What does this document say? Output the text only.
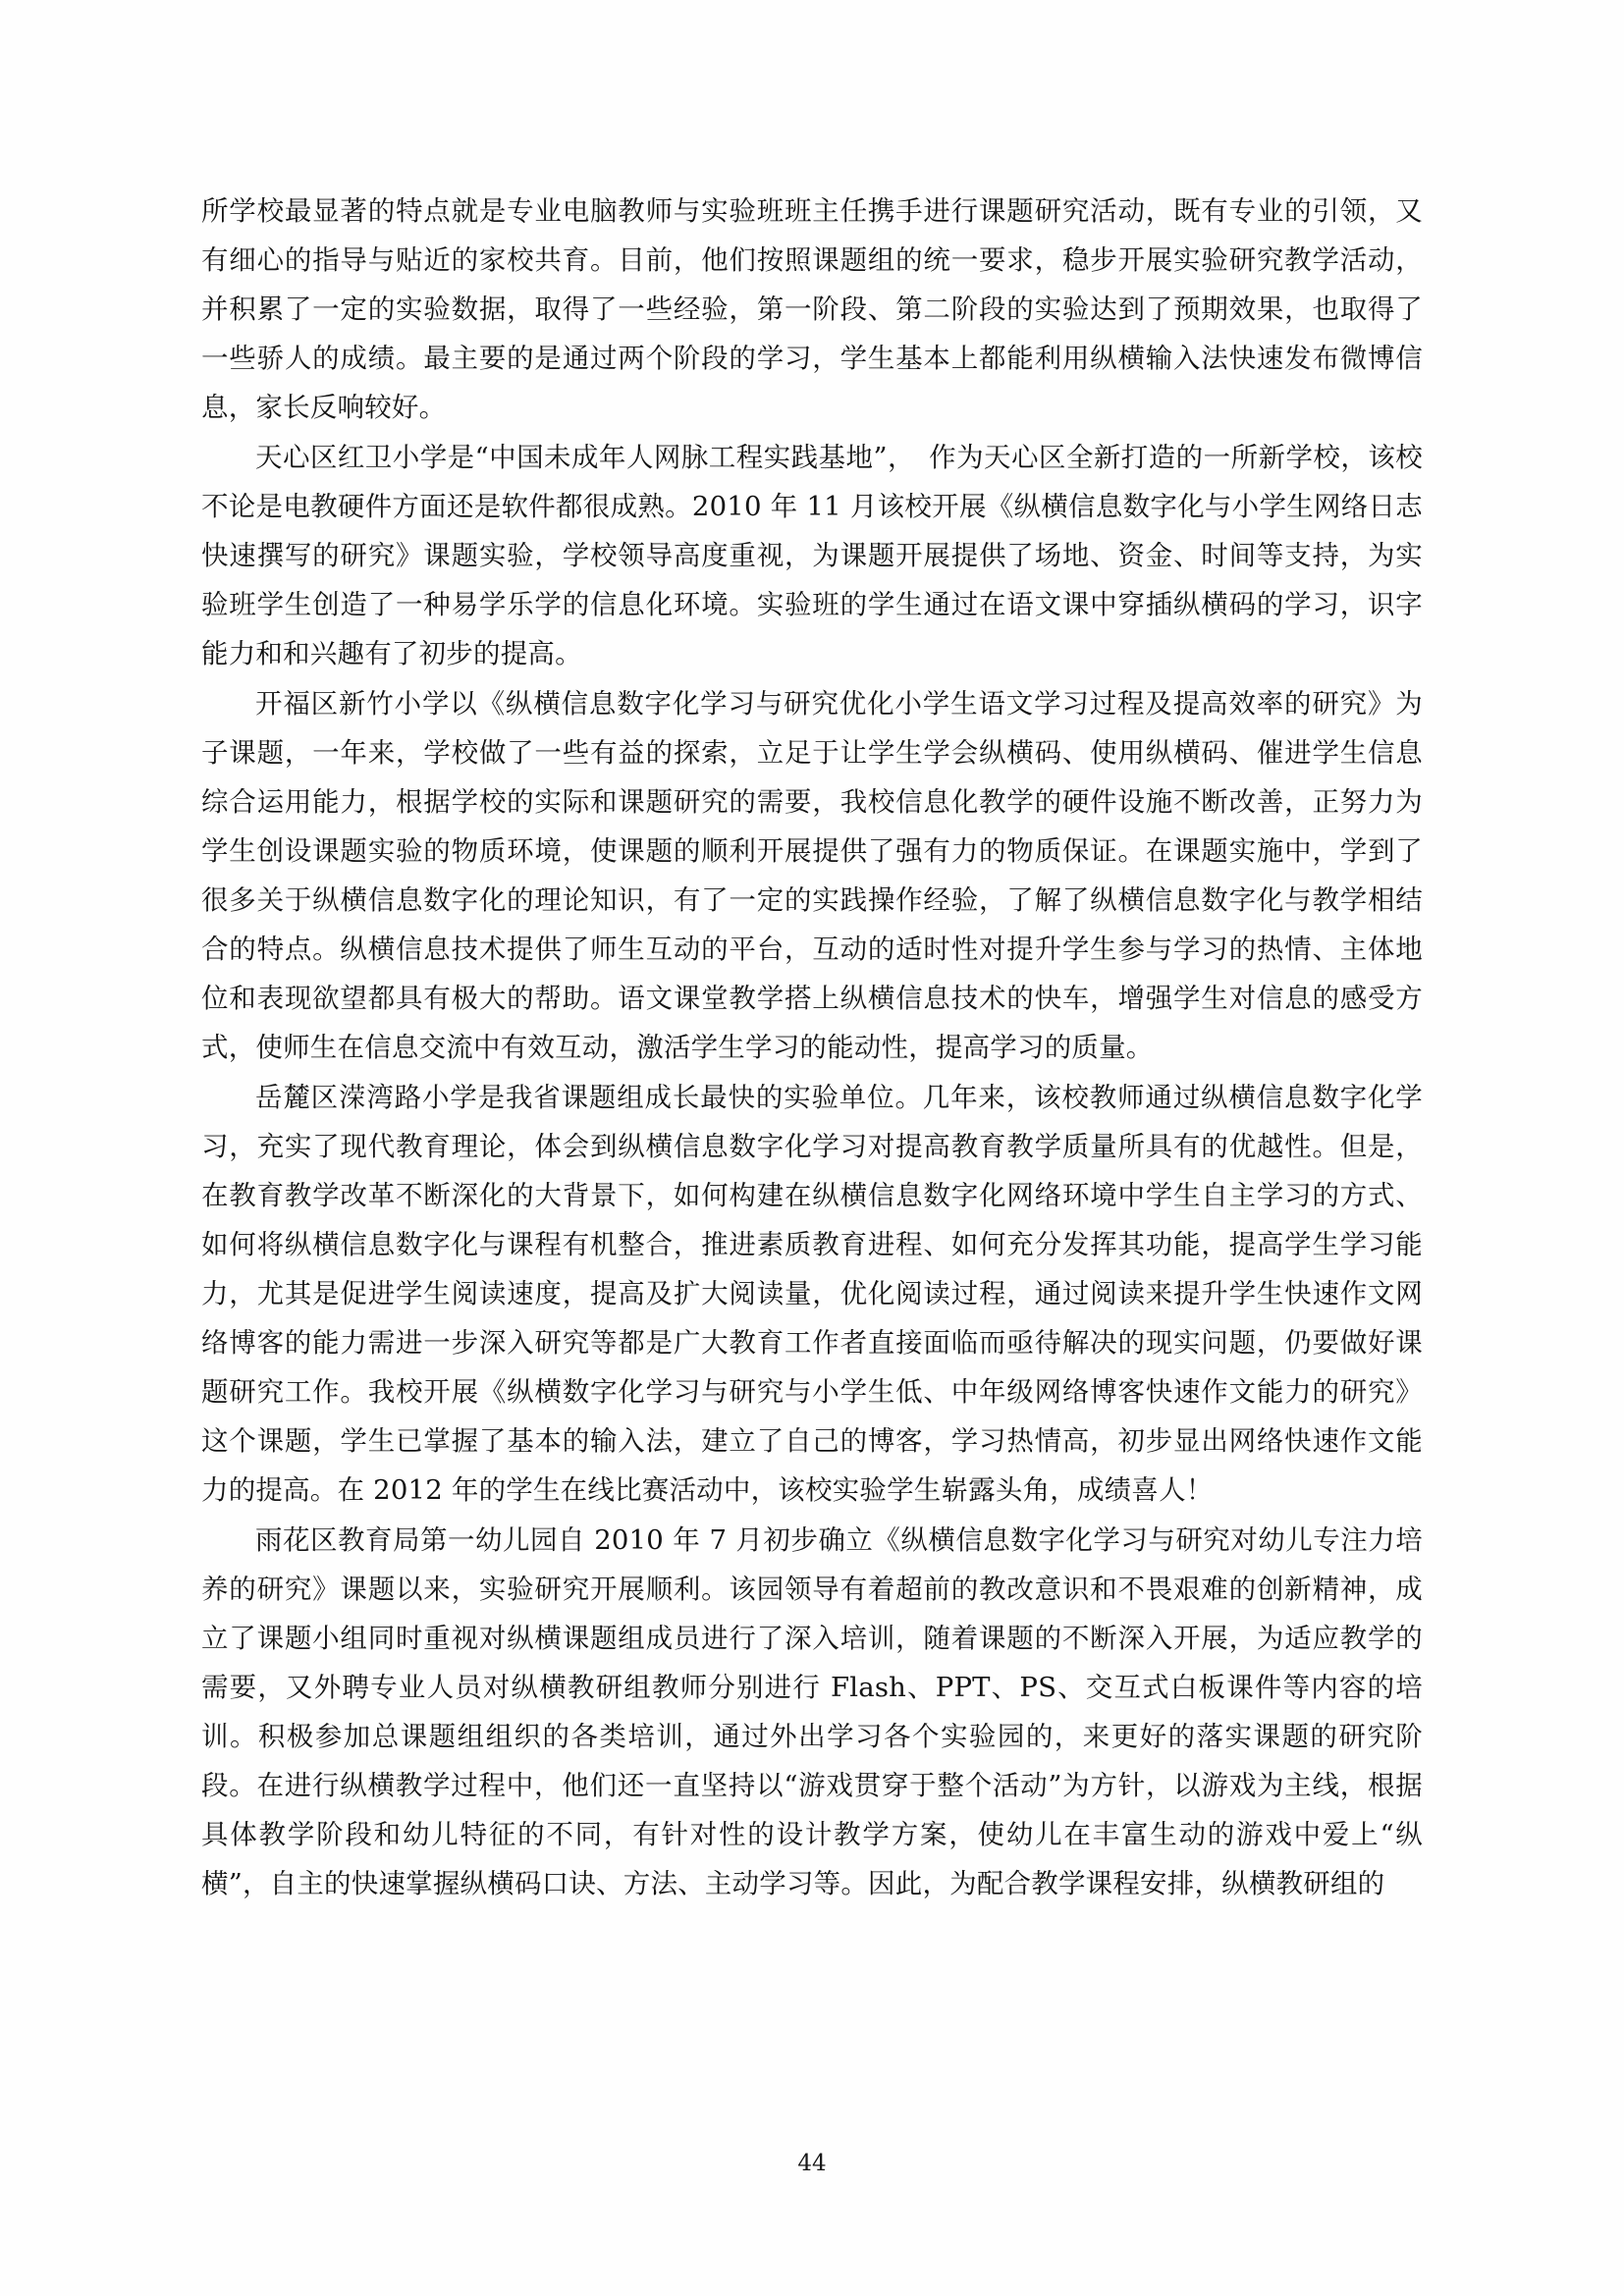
所学校最显著的特点就是专业电脑教师与实验班班主任携手进行课题研究活动，既有专业的引领，又有细心的指导与贴近的家校共育。目前，他们按照课题组的统一要求，稳步开展实验研究教学活动，并积累了一定的实验数据，取得了一些经验，第一阶段、第二阶段的实验达到了预期效果，也取得了一些骄人的成绩。最主要的是通过两个阶段的学习，学生基本上都能利用纵横输入法快速发布微博信息，家长反响较好。

天心区红卫小学是“中国未成年人网脉工程实践基地”，　作为天心区全新打造的一所新学校，该校不论是电教硬件方面还是软件都很成熟。2010 年 11 月该校开展《纵横信息数字化与小学生网络日志快速撰写的研究》课题实验，学校领导高度重视，为课题开展提供了场地、资金、时间等支持，为实验班学生创造了一种易学乐学的信息化环境。实验班的学生通过在语文课中穿插纵横码的学习，识字能力和和兴趣有了初步的提高。

开福区新竹小学以《纵横信息数字化学习与研究优化小学生语文学习过程及提高效率的研究》为子课题，一年来，学校做了一些有益的探索，立足于让学生学会纵横码、使用纵横码、催进学生信息综合运用能力，根据学校的实际和课题研究的需要，我校信息化教学的硬件设施不断改善，正努力为学生创设课题实验的物质环境，使课题的顺利开展提供了强有力的物质保证。在课题实施中，学到了很多关于纵横信息数字化的理论知识，有了一定的实践操作经验，了解了纵横信息数字化与教学相结合的特点。纵横信息技术提供了师生互动的平台，互动的适时性对提升学生参与学习的热情、主体地位和表现欲望都具有极大的帮助。语文课堂教学搭上纵横信息技术的快车，增强学生对信息的感受方式，使师生在信息交流中有效互动，激活学生学习的能动性，提高学习的质量。

岳麓区溁湾路小学是我省课题组成长最快的实验单位。几年来，该校教师通过纵横信息数字化学习，充实了现代教育理论，体会到纵横信息数字化学习对提高教育教学质量所具有的优越性。但是，在教育教学改革不断深化的大背景下，如何构建在纵横信息数字化网络环境中学生自主学习的方式、如何将纵横信息数字化与课程有机整合，推进素质教育进程、如何充分发挥其功能，提高学生学习能力，尤其是促进学生阅读速度，提高及扩大阅读量，优化阅读过程，通过阅读来提升学生快速作文网络博客的能力需进一步深入研究等都是广大教育工作者直接面临而亟待解决的现实问题，仍要做好课题研究工作。我校开展《纵横数字化学习与研究与小学生低、中年级网络博客快速作文能力的研究》这个课题，学生已掌握了基本的输入法，建立了自己的博客，学习热情高，初步显出网络快速作文能力的提高。在 2012 年的学生在线比赛活动中，该校实验学生崭露头角，成绩喜人！

雨花区教育局第一幼儿园自 2010 年 7 月初步确立《纵横信息数字化学习与研究对幼儿专注力培养的研究》课题以来，实验研究开展顺利。该园领导有着超前的教改意识和不畏艰难的创新精神，成立了课题小组同时重视对纵横课题组成员进行了深入培训，随着课题的不断深入开展，为适应教学的需要，又外聘专业人员对纵横教研组教师分别进行 Flash、PPT、PS、交互式白板课件等内容的培训。积极参加总课题组组织的各类培训，通过外出学习各个实验园的，来更好的落实课题的研究阶段。在进行纵横教学过程中，他们还一直坚持以“游戏贯穿于整个活动”为方针，以游戏为主线，根据具体教学阶段和幼儿特征的不同，有针对性的设计教学方案，使幼儿在丰富生动的游戏中爱上“纵横”，自主的快速掌握纵横码口诀、方法、主动学习等。因此，为配合教学课程安排，纵横教研组的

44
